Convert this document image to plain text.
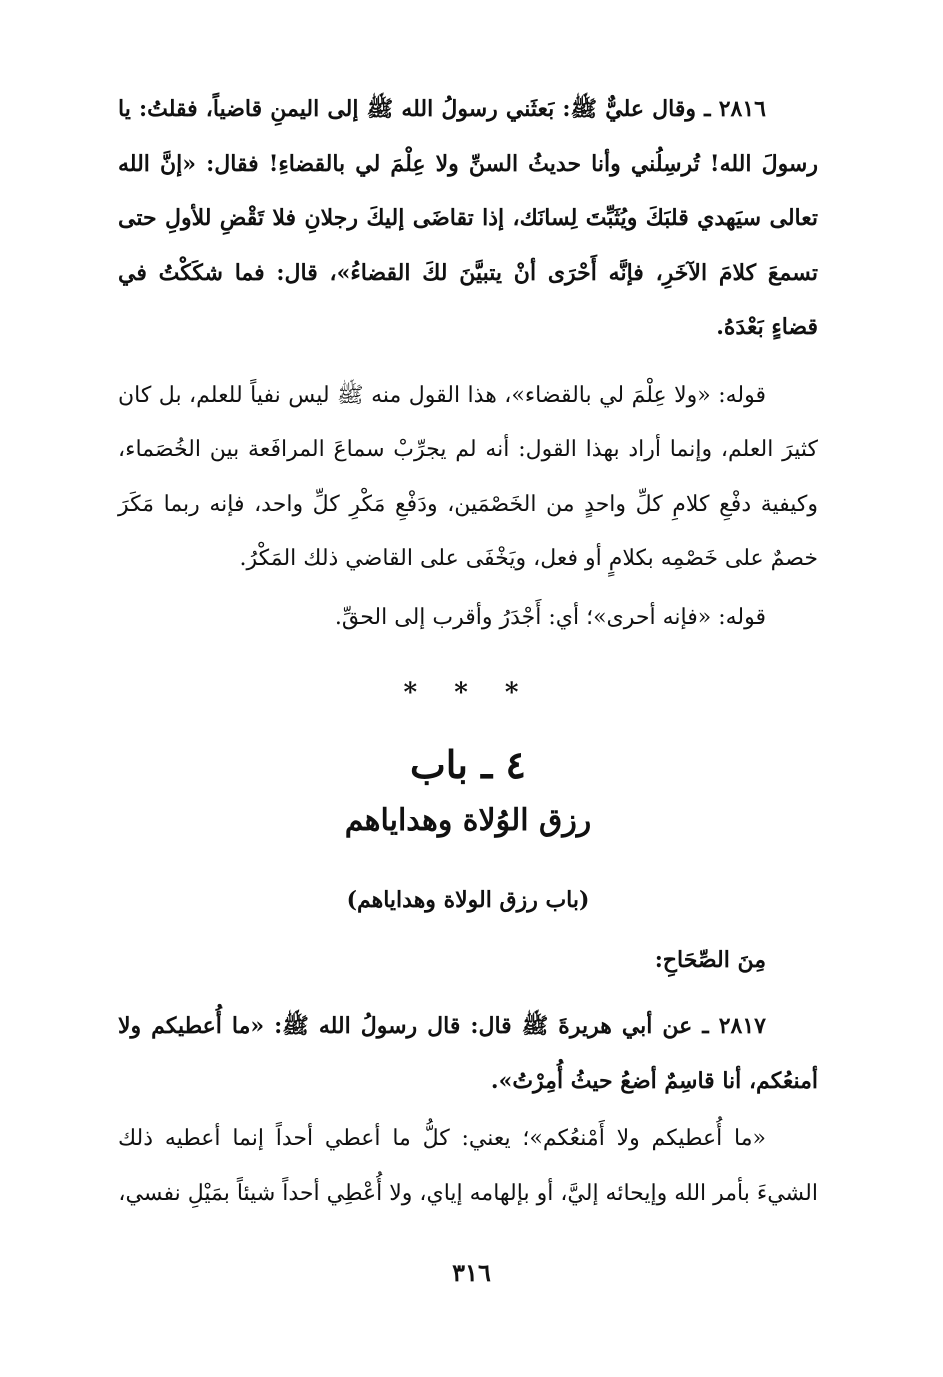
٢٨١٦ ـ وقال عليٌّ ﷺ: بَعثَني رسولُ الله ﷺ إلى اليمنِ قاضياً، فقلتُ: يا رسولَ الله! تُرسِلُني وأنا حديثُ السنِّ ولا عِلْمَ لي بالقضاءِ! فقال: «إنَّ الله تعالى سيَهدي قلبَكَ ويُثَبِّتَ لِسانَك، إذا تقاضَى إليكَ رجلانِ فلا تَقْضِ للأولِ حتى تسمعَ كلامَ الآخَرِ، فإنَّه أَحْرَى أنْ يتبيَّنَ لكَ القضاءُ»، قال: فما شكَكْتُ في قضاءٍ بَعْدَهُ.

قوله: «ولا عِلْمَ لي بالقضاء»، هذا القول منه ﷺ ليس نفياً للعلم، بل كان كثيرَ العلم، وإنما أراد بهذا القول: أنه لم يجرِّبْ سماعَ المرافَعة بين الخُصَماء، وكيفية دفْعِ كلامِ كلِّ واحدٍ من الخَصْمَين، ودَفْعِ مَكْرِ كلِّ واحد، فإنه ربما مَكَرَ خصمٌ على خَصْمِه بكلامٍ أو فعل، ويَخْفَى على القاضي ذلك المَكْرُ.

قوله: «فإنه أحرى»؛ أي: أَجْدَرُ وأقرب إلى الحقِّ.

* * *
٤ ـ باب
رزق الوُلاة وهداياهم
(باب رزق الولاة وهداياهم)
مِنَ الصِّحَاحِ:

٢٨١٧ ـ عن أبي هريرةَ ﷺ قال: قال رسولُ الله ﷺ: «ما أُعطيكم ولا أمنعُكم، أنا قاسِمٌ أضعُ حيثُ أُمِرْتُ».

«ما أُعطيكم ولا أَمْنعُكم»؛ يعني: كلُّ ما أعطي أحداً إنما أعطيه ذلك الشيءَ بأمر الله وإيحائه إليَّ، أو بإلهامه إياي، ولا أُعْطِي أحداً شيئاً بمَيْلِ نفسي،

٣١٦
